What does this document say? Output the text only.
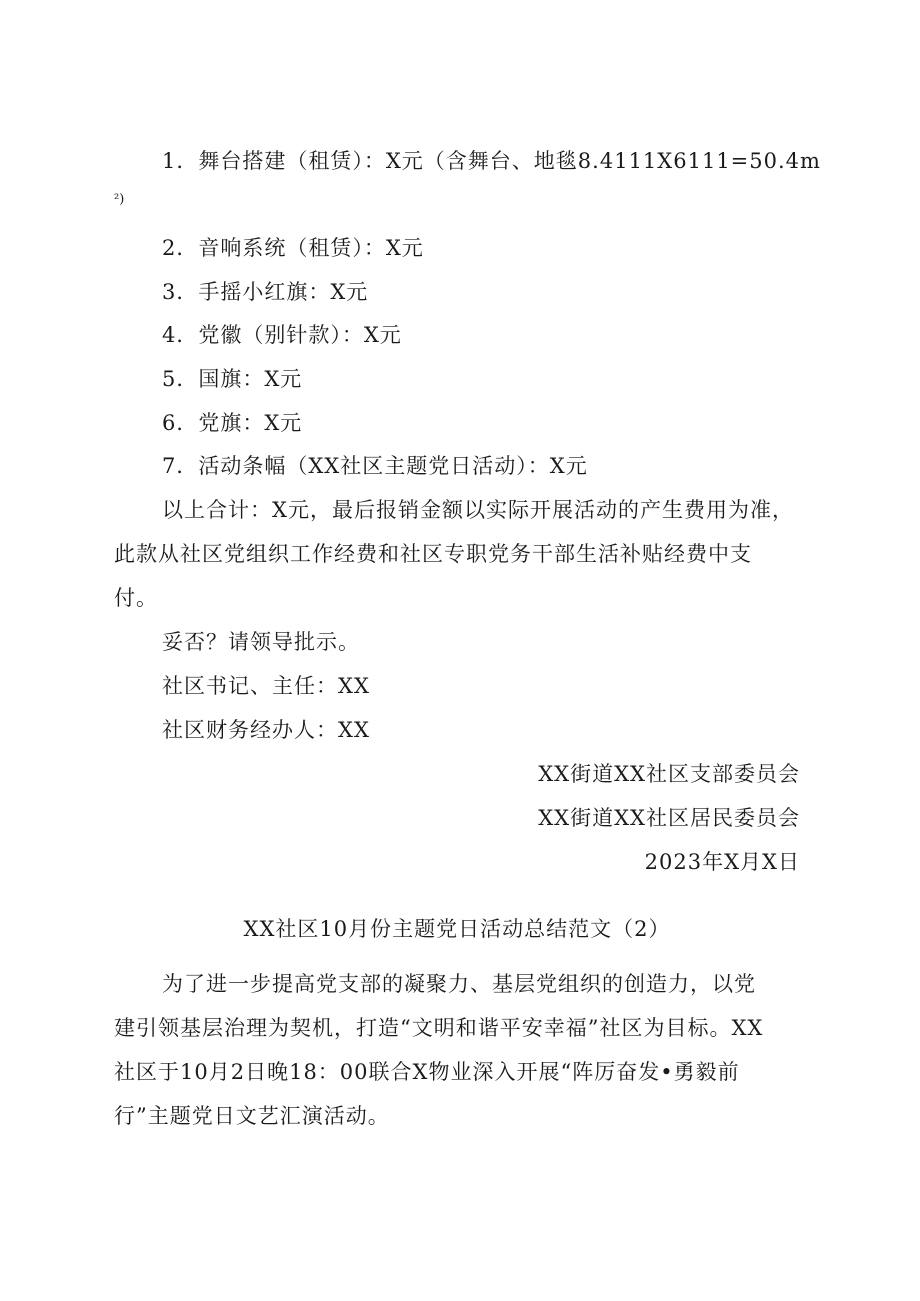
1．舞台搭建（租赁）：X元（含舞台、地毯8.4111X6111=50.4m
²)
2．音响系统（租赁）：X元
3．手摇小红旗：X元
4．党徽（别针款）：X元
5．国旗：X元
6．党旗：X元
7．活动条幅（XX社区主题党日活动）：X元
以上合计：X元，最后报销金额以实际开展活动的产生费用为准，
此款从社区党组织工作经费和社区专职党务干部生活补贴经费中支
付。
妥否？请领导批示。
社区书记、主任：XX
社区财务经办人：XX
XX街道XX社区支部委员会
XX街道XX社区居民委员会
2023年X月X日
XX社区10月份主题党日活动总结范文（2）
为了进一步提高党支部的凝聚力、基层党组织的创造力，以党
建引领基层治理为契机，打造“文明和谐平安幸福”社区为目标。XX
社区于10月2日晚18：00联合X物业深入开展“阵厉奋发•勇毅前
行”主题党日文艺汇演活动。
